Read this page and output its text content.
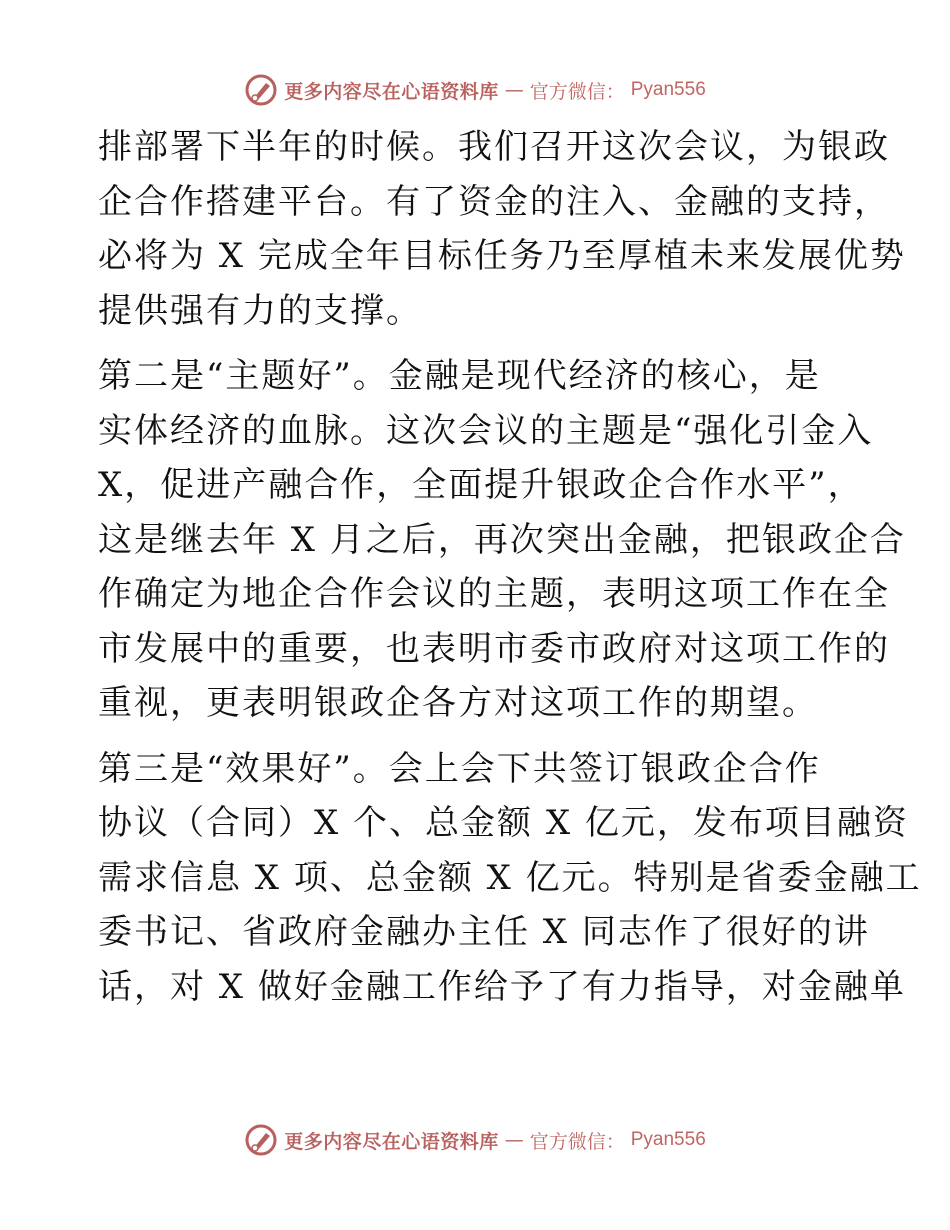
更多内容尽在心语资料库 — 官方微信： Pyan556
排部署下半年的时候。我们召开这次会议，为银政
企合作搭建平台。有了资金的注入、金融的支持，
必将为 X 完成全年目标任务乃至厚植未来发展优势
提供强有力的支撑。
第二是“主题好”。金融是现代经济的核心，是
实体经济的血脉。这次会议的主题是“强化引金入
X，促进产融合作，全面提升银政企合作水平”，
这是继去年 X 月之后，再次突出金融，把银政企合
作确定为地企合作会议的主题，表明这项工作在全
市发展中的重要，也表明市委市政府对这项工作的
重视，更表明银政企各方对这项工作的期望。
第三是“效果好”。会上会下共签订银政企合作
协议（合同）X 个、总金额 X 亿元，发布项目融资
需求信息 X 项、总金额 X 亿元。特别是省委金融工
委书记、省政府金融办主任 X 同志作了很好的讲
话，对 X 做好金融工作给予了有力指导，对金融单
更多内容尽在心语资料库 — 官方微信： Pyan556
